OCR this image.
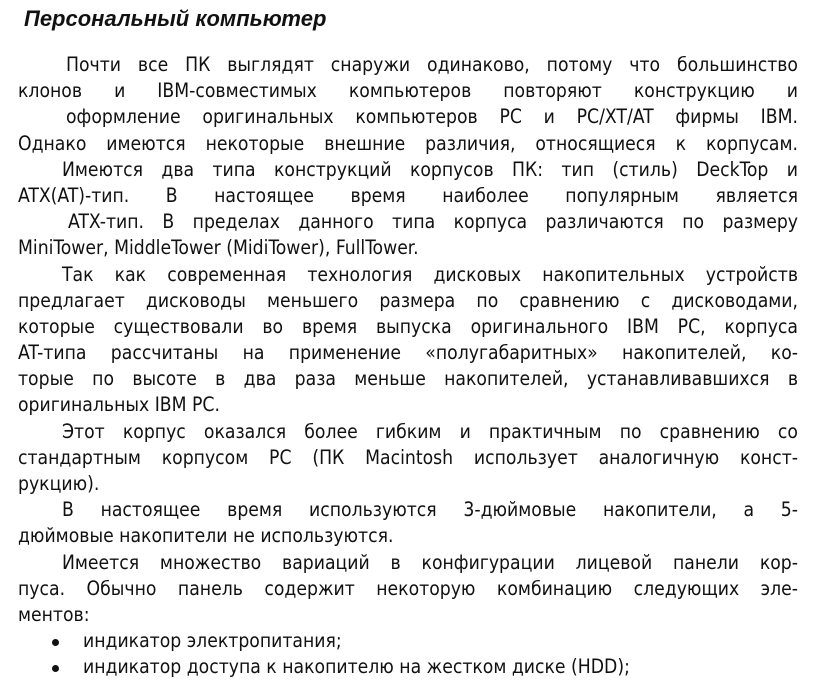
Персональный компьютер
Почти все ПК выглядят снаружи одинаково, потому что большинство
клонов и IBM-совместимых компьютеров повторяют конструкцию и
оформление оригинальных компьютеров PC и PC/XT/AT фирмы IBM.
Однако имеются некоторые внешние различия, относящиеся к корпусам.
Имеются два типа конструкций корпусов ПК: тип (стиль) DeckTop и
ATX(AT)-тип. В настоящее время наиболее популярным является
ATX-тип. В пределах данного типа корпуса различаются по размеру
MiniTower, MiddleTower (MidiTower), FullTower.
Так как современная технология дисковых накопительных устройств
предлагает дисководы меньшего размера по сравнению с дисководами,
которые существовали во время выпуска оригинального IBM PC, корпуса
AT-типа рассчитаны на применение «полугабаритных» накопителей, ко-
торые по высоте в два раза меньше накопителей, устанавливавшихся в
оригинальных IBM PC.
Этот корпус оказался более гибким и практичным по сравнению со
стандартным корпусом PC (ПК Macintosh использует аналогичную конст-
рукцию).
В настоящее время используются 3-дюймовые накопители, а 5-
дюймовые накопители не используются.
Имеется множество вариаций в конфигурации лицевой панели кор-
пуса. Обычно панель содержит некоторую комбинацию следующих эле-
ментов:
индикатор электропитания;
индикатор доступа к накопителю на жестком диске (HDD);
